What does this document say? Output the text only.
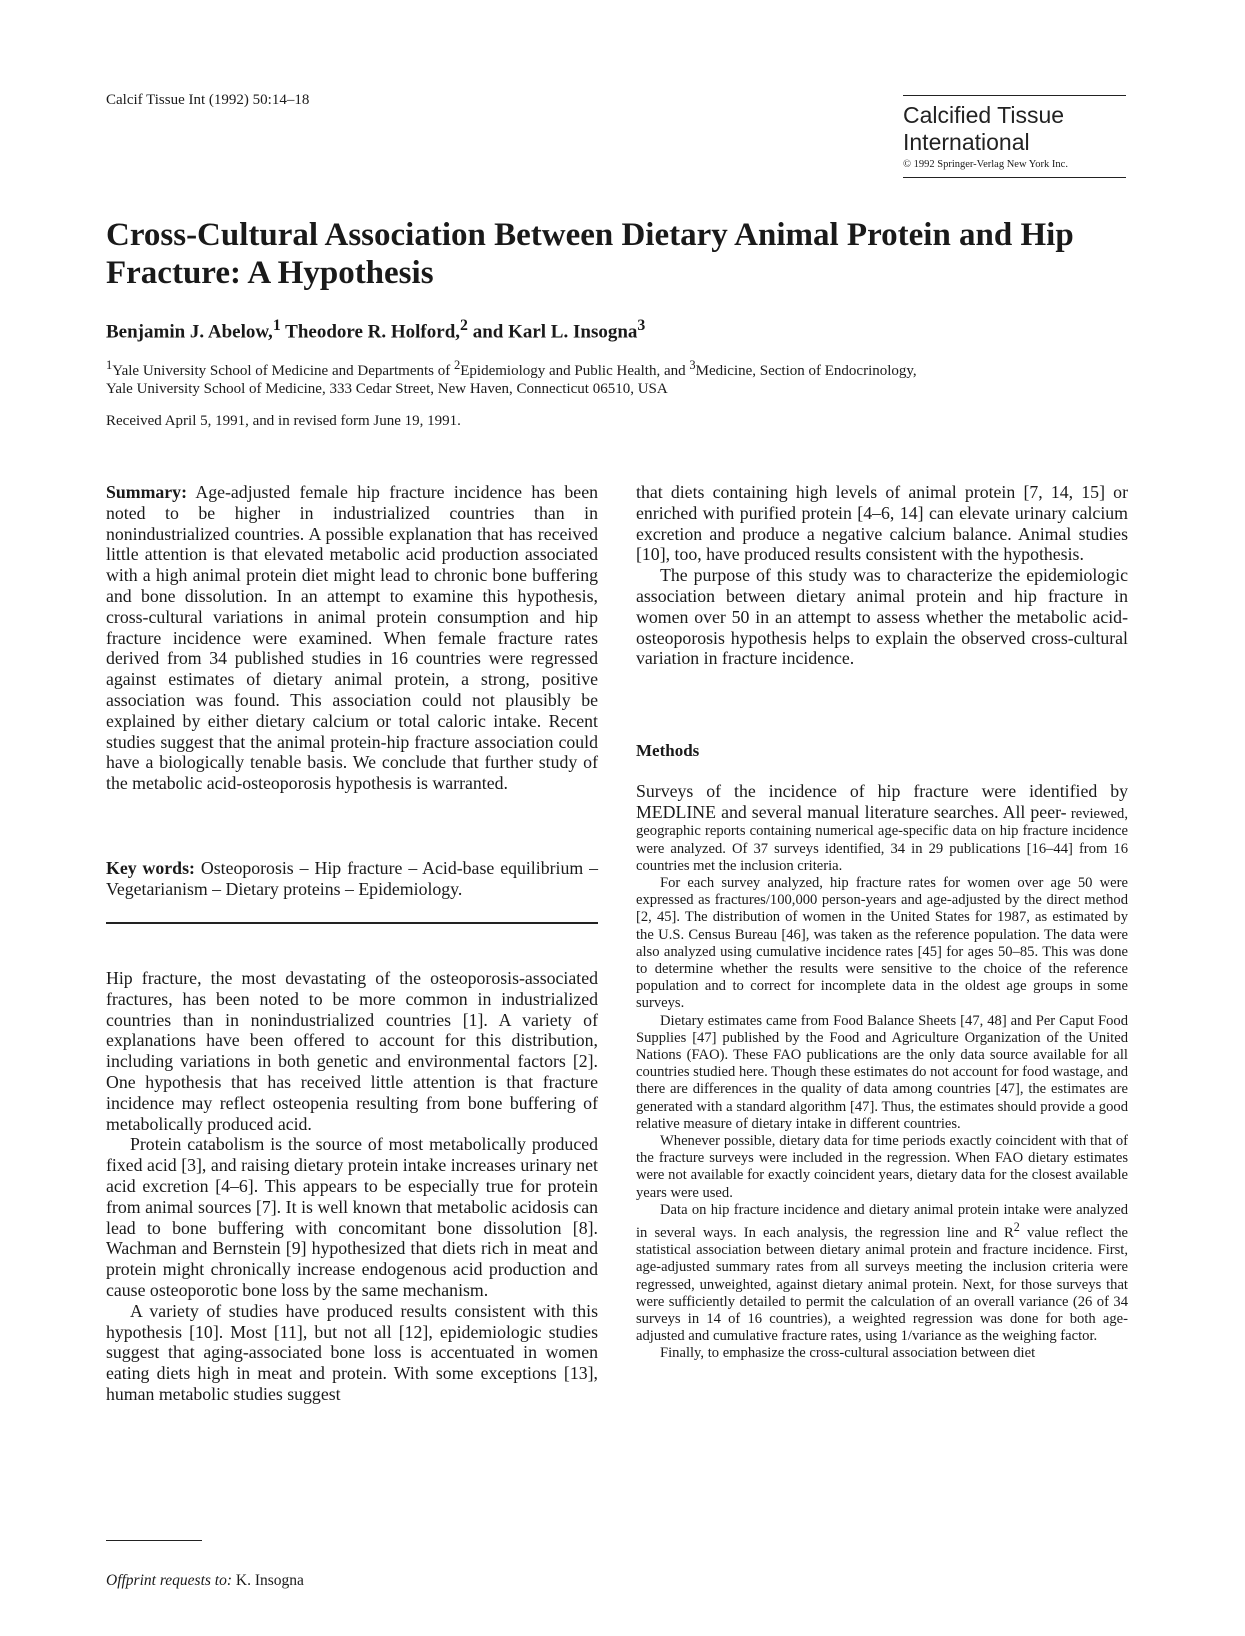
Calcif Tissue Int (1992) 50:14–18
Calcified Tissue
International
© 1992 Springer-Verlag New York Inc.
Cross-Cultural Association Between Dietary Animal Protein and Hip
Fracture: A Hypothesis
Benjamin J. Abelow,$^1$ Theodore R. Holford,$^2$ and Karl L. Insogna$^3$
$^1$Yale University School of Medicine and Departments of $^2$Epidemiology and Public Health, and $^3$Medicine, Section of Endocrinology,
Yale University School of Medicine, 333 Cedar Street, New Haven, Connecticut 06510, USA
Received April 5, 1991, and in revised form June 19, 1991.

Summary: Age-adjusted female hip fracture incidence has been noted to be higher in industrialized countries than in nonindustrialized countries. A possible explanation that has received little attention is that elevated metabolic acid production associated with a high animal protein diet might lead to chronic bone buffering and bone dissolution. In an attempt to examine this hypothesis, cross-cultural variations in animal protein consumption and hip fracture incidence were examined. When female fracture rates derived from 34 published studies in 16 countries were regressed against estimates of dietary animal protein, a strong, positive association was found. This association could not plausibly be explained by either dietary calcium or total caloric intake. Recent studies suggest that the animal protein-hip fracture association could have a biologically tenable basis. We conclude that further study of the metabolic acid-osteoporosis hypothesis is warranted.

Key words: Osteoporosis – Hip fracture – Acid-base equilibrium – Vegetarianism – Dietary proteins – Epidemiology.

Hip fracture, the most devastating of the osteoporosis-associated fractures, has been noted to be more common in industrialized countries than in nonindustrialized countries [1]. A variety of explanations have been offered to account for this distribution, including variations in both genetic and environmental factors [2]. One hypothesis that has received little attention is that fracture incidence may reflect osteopenia resulting from bone buffering of metabolically produced acid.

Protein catabolism is the source of most metabolically produced fixed acid [3], and raising dietary protein intake increases urinary net acid excretion [4–6]. This appears to be especially true for protein from animal sources [7]. It is well known that metabolic acidosis can lead to bone buffering with concomitant bone dissolution [8]. Wachman and Bernstein [9] hypothesized that diets rich in meat and protein might chronically increase endogenous acid production and cause osteoporotic bone loss by the same mechanism.

A variety of studies have produced results consistent with this hypothesis [10]. Most [11], but not all [12], epidemiologic studies suggest that aging-associated bone loss is accentuated in women eating diets high in meat and protein. With some exceptions [13], human metabolic studies suggest

Offprint requests to: K. Insogna

that diets containing high levels of animal protein [7, 14, 15] or enriched with purified protein [4–6, 14] can elevate urinary calcium excretion and produce a negative calcium balance. Animal studies [10], too, have produced results consistent with the hypothesis.

The purpose of this study was to characterize the epidemiologic association between dietary animal protein and hip fracture in women over 50 in an attempt to assess whether the metabolic acid-osteoporosis hypothesis helps to explain the observed cross-cultural variation in fracture incidence.

Methods

Surveys of the incidence of hip fracture were identified by MEDLINE and several manual literature searches. All peer- reviewed, geographic reports containing numerical age-specific data on hip fracture incidence were analyzed. Of 37 surveys identified, 34 in 29 publications [16–44] from 16 countries met the inclusion criteria.

For each survey analyzed, hip fracture rates for women over age 50 were expressed as fractures/100,000 person-years and age-adjusted by the direct method [2, 45]. The distribution of women in the United States for 1987, as estimated by the U.S. Census Bureau [46], was taken as the reference population. The data were also analyzed using cumulative incidence rates [45] for ages 50–85. This was done to determine whether the results were sensitive to the choice of the reference population and to correct for incomplete data in the oldest age groups in some surveys.

Dietary estimates came from Food Balance Sheets [47, 48] and Per Caput Food Supplies [47] published by the Food and Agriculture Organization of the United Nations (FAO). These FAO publications are the only data source available for all countries studied here. Though these estimates do not account for food wastage, and there are differences in the quality of data among countries [47], the estimates are generated with a standard algorithm [47]. Thus, the estimates should provide a good relative measure of dietary intake in different countries.

Whenever possible, dietary data for time periods exactly coincident with that of the fracture surveys were included in the regression. When FAO dietary estimates were not available for exactly coincident years, dietary data for the closest available years were used.

Data on hip fracture incidence and dietary animal protein intake were analyzed in several ways. In each analysis, the regression line and $R^2$ value reflect the statistical association between dietary animal protein and fracture incidence. First, age-adjusted summary rates from all surveys meeting the inclusion criteria were regressed, unweighted, against dietary animal protein. Next, for those surveys that were sufficiently detailed to permit the calculation of an overall variance (26 of 34 surveys in 14 of 16 countries), a weighted regression was done for both age-adjusted and cumulative fracture rates, using 1/variance as the weighing factor.

Finally, to emphasize the cross-cultural association between diet
